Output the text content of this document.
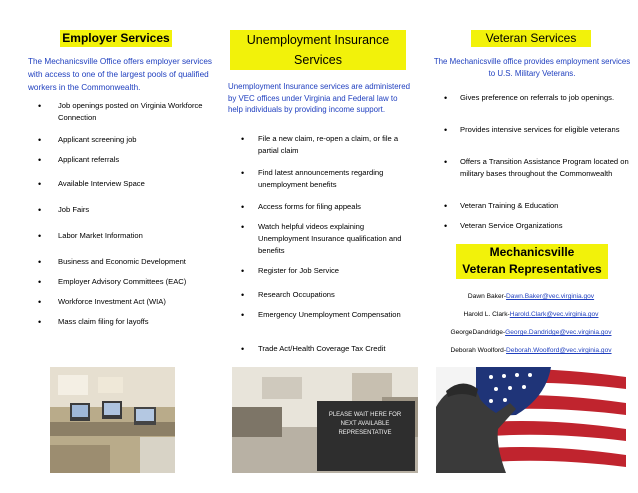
Employer Services
The Mechanicsville Office offers employer services with access to one of the largest pools of qualified workers in the Commonwealth.
• Job openings posted on Virginia Workforce Connection
• Applicant screening job
• Applicant referrals
• Available Interview Space
• Job Fairs
• Labor Market Information
• Business and Economic Development
• Employer Advisory Committees (EAC)
• Workforce Investment Act (WIA)
• Mass claim filing for layoffs
Unemployment Insurance
Services
Unemployment Insurance services are administered by VEC offices under Virginia and Federal law to help individuals by providing income support.
• File a new claim, re-open a claim, or file a partial claim
• Find latest announcements regarding unemployment benefits
• Access forms for filing appeals
• Watch helpful videos explaining Unemployment Insurance qualification and benefits
• Register for Job Service
• Research Occupations
• Emergency Unemployment Compensation
• Trade Act/Health Coverage Tax Credit
PLEASE WAIT HERE FOR NEXT AVAILABLE REPRESENTATIVE
Veteran Services
The Mechanicsville office provides employment services to U.S. Military Veterans.
• Gives preference on referrals to job openings.
• Provides intensive services for eligible veterans
• Offers a Transition Assistance Program located on military bases throughout the Commonwealth
• Veteran Training & Education
• Veteran Service Organizations
Mechanicsville
Veteran Representatives
Dawn Baker-Dawn.Baker@vec.virginia.gov
Harold L. Clark-Harold.Clark@vec.virginia.gov
GeorgeDandridge-George.Dandridge@vec.virginia.gov
Deborah Woolford-Deborah.Woolford@vec.virginia.gov
